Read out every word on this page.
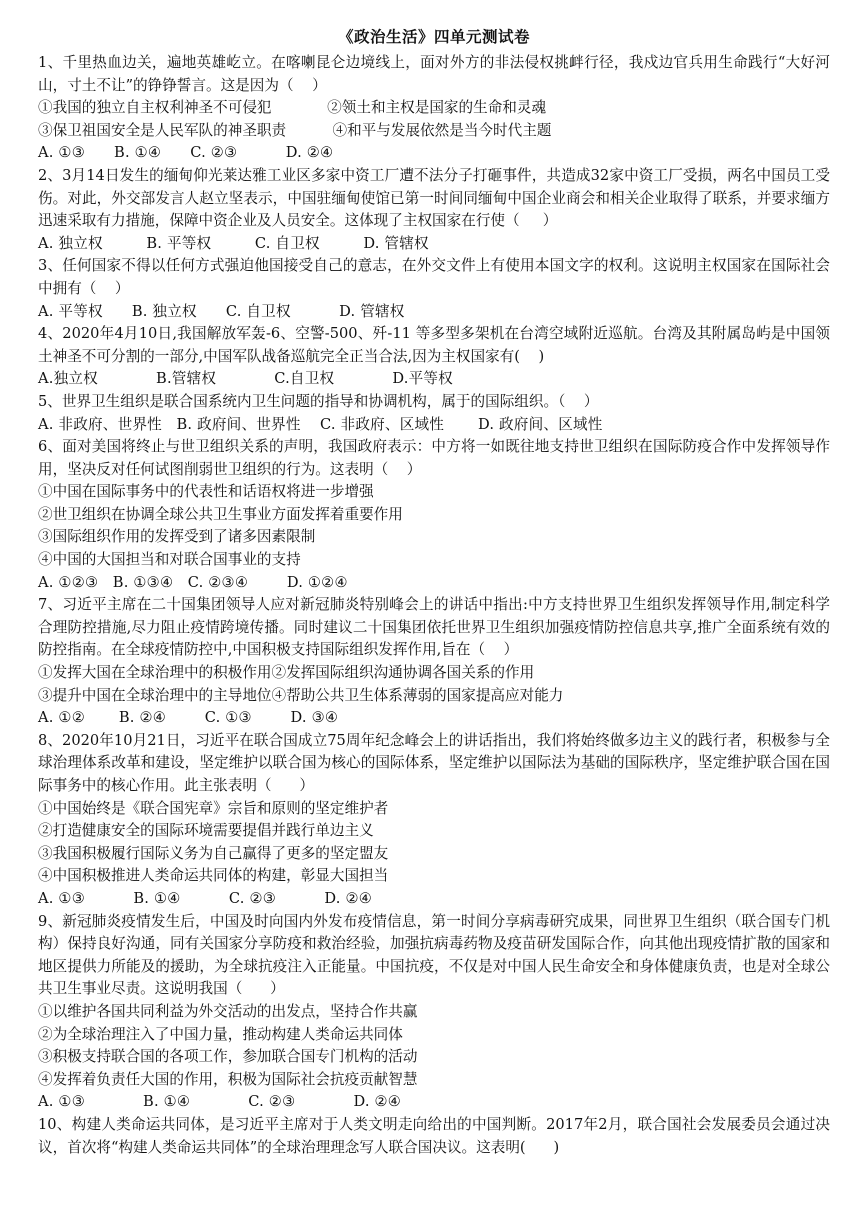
《政治生活》四单元测试卷

1、千里热血边关，遍地英雄屹立。在喀喇昆仑边境线上，面对外方的非法侵权挑衅行径，我戍边官兵用生命践行“大好河山，寸土不让”的铮铮誓言。这是因为（    ）

①我国的独立自主权利神圣不可侵犯            ②领土和主权是国家的生命和灵魂

③保卫祖国安全是人民军队的神圣职责          ④和平与发展依然是当今时代主题

A. ①③      B. ①④      C. ②③          D. ②④

2、3月14日发生的缅甸仰光莱达雅工业区多家中资工厂遭不法分子打砸事件，共造成32家中资工厂受损，两名中国员工受伤。对此，外交部发言人赵立坚表示，中国驻缅甸使馆已第一时间同缅甸中国企业商会和相关企业取得了联系，并要求缅方迅速采取有力措施，保障中资企业及人员安全。这体现了主权国家在行使（     ）

A. 独立权         B. 平等权         C. 自卫权         D. 管辖权

3、任何国家不得以任何方式强迫他国接受自己的意志，在外交文件上有使用本国文字的权利。这说明主权国家在国际社会中拥有（    ）

A. 平等权      B. 独立权      C. 自卫权          D. 管辖权

4、2020年4月10日,我国解放军轰-6、空警-500、歼-11 等多型多架机在台湾空域附近巡航。台湾及其附属岛屿是中国领土神圣不可分割的一部分,中国军队战备巡航完全正当合法,因为主权国家有(    )

A.独立权            B.管辖权            C.自卫权            D.平等权

5、世界卫生组织是联合国系统内卫生问题的指导和协调机构，属于的国际组织。（    ）

A. 非政府、世界性   B. 政府间、世界性    C. 非政府、区域性       D. 政府间、区域性

6、面对美国将终止与世卫组织关系的声明，我国政府表示：中方将一如既往地支持世卫组织在国际防疫合作中发挥领导作用，坚决反对任何试图削弱世卫组织的行为。这表明（    ）

①中国在国际事务中的代表性和话语权将进一步增强

②世卫组织在协调全球公共卫生事业方面发挥着重要作用

③国际组织作用的发挥受到了诸多因素限制

④中国的大国担当和对联合国事业的支持

A. ①②③   B. ①③④   C. ②③④        D. ①②④

7、习近平主席在二十国集团领导人应对新冠肺炎特别峰会上的讲话中指出:中方支持世界卫生组织发挥领导作用,制定科学合理防控措施,尽力阻止疫情跨境传播。同时建议二十国集团依托世界卫生组织加强疫情防控信息共享,推广全面系统有效的防控指南。在全球疫情防控中,中国积极支持国际组织发挥作用,旨在（    ）

①发挥大国在全球治理中的积极作用②发挥国际组织沟通协调各国关系的作用

③提升中国在全球治理中的主导地位④帮助公共卫生体系薄弱的国家提高应对能力

A. ①②       B. ②④        C. ①③        D. ③④

8、2020年10月21日，习近平在联合国成立75周年纪念峰会上的讲话指出，我们将始终做多边主义的践行者，积极参与全球治理体系改革和建设，坚定维护以联合国为核心的国际体系，坚定维护以国际法为基础的国际秩序，坚定维护联合国在国际事务中的核心作用。此主张表明（      ）

①中国始终是《联合国宪章》宗旨和原则的坚定维护者

②打造健康安全的国际环境需要提倡并践行单边主义

③我国积极履行国际义务为自己赢得了更多的坚定盟友

④中国积极推进人类命运共同体的构建，彰显大国担当

A. ①③          B. ①④          C. ②③          D. ②④

9、新冠肺炎疫情发生后，中国及时向国内外发布疫情信息，第一时间分享病毒研究成果，同世界卫生组织（联合国专门机构）保持良好沟通，同有关国家分享防疫和救治经验，加强抗病毒药物及疫苗研发国际合作，向其他出现疫情扩散的国家和地区提供力所能及的援助，为全球抗疫注入正能量。中国抗疫，不仅是对中国人民生命安全和身体健康负责，也是对全球公共卫生事业尽责。这说明我国（      ）

①以维护各国共同利益为外交活动的出发点，坚持合作共赢

②为全球治理注入了中国力量，推动构建人类命运共同体

③积极支持联合国的各项工作，参加联合国专门机构的活动

④发挥着负责任大国的作用，积极为国际社会抗疫贡献智慧

A. ①③            B. ①④            C. ②③            D. ②④

10、构建人类命运共同体，是习近平主席对于人类文明走向给出的中国判断。2017年2月，联合国社会发展委员会通过决议，首次将“构建人类命运共同体”的全球治理理念写人联合国决议。这表明(      )
